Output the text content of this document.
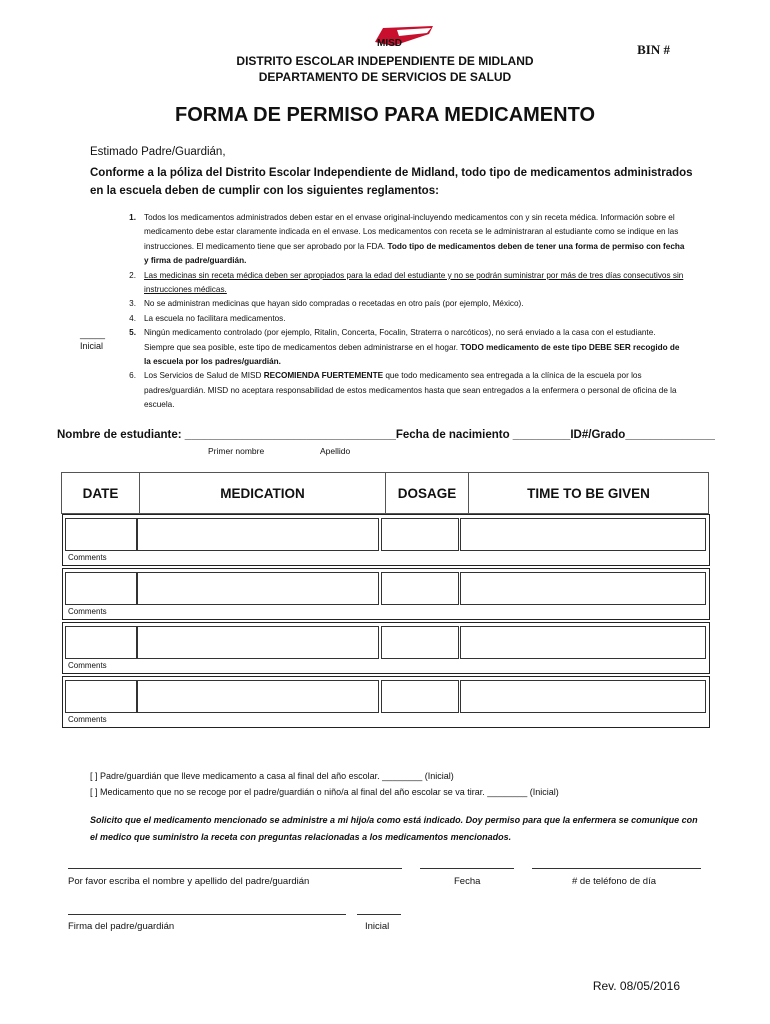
MISD	BIN #
DISTRITO ESCOLAR INDEPENDIENTE DE MIDLAND
DEPARTAMENTO DE SERVICIOS DE SALUD
FORMA DE PERMISO PARA MEDICAMENTO
Estimado Padre/Guardián,
Conforme a la póliza del Distrito Escolar Independiente de Midland, todo tipo de medicamentos administrados en la escuela deben de cumplir con los siguientes reglamentos:
1. Todos los medicamentos administrados deben estar en el envase original-incluyendo medicamentos con y sin receta médica. Información sobre el medicamento debe estar claramente indicada en el envase. Los medicamentos con receta se le administraran al estudiante como se indique en las instrucciones. El medicamento tiene que ser aprobado por la FDA. Todo tipo de medicamentos deben de tener una forma de permiso con fecha y firma de padre/guardián.
2. Las medicinas sin receta médica deben ser apropiados para la edad del estudiante y no se podrán suministrar por más de tres días consecutivos sin instrucciones médicas.
3. No se administran medicinas que hayan sido compradas o recetadas en otro país (por ejemplo, México).
4. La escuela no facilitara medicamentos.
5. Ningún medicamento controlado (por ejemplo, Ritalin, Concerta, Focalin, Straterra o narcóticos), no será enviado a la casa con el estudiante. Siempre que sea posible, este tipo de medicamentos deben administrarse en el hogar. TODO medicamento de este tipo DEBE SER recogido de la escuela por los padres/guardián.
6. Los Servicios de Salud de MISD RECOMIENDA FUERTEMENTE que todo medicamento sea entregada a la clínica de la escuela por los padres/guardián. MISD no aceptara responsabilidad de estos medicamentos hasta que sean entregados a la enfermera o personal de oficina de la escuela.
_____
Inicial
Nombre de estudiante: _________________________________Fecha de nacimiento _________ID#/Grado______________
Primer nombre	Apellido
DATE	MEDICATION	DOSAGE	TIME TO BE GIVEN
Comments
Comments
Comments
Comments
[ ] Padre/guardián que lleve medicamento a casa al final del año escolar. ________ (Inicial)
[ ] Medicamento que no se recoge por el padre/guardián o niño/a al final del año escolar se va tirar. ________ (Inicial)
Solicito que el medicamento mencionado se administre a mi hijo/a como está indicado. Doy permiso para que la enfermera se comunique con el medico que suministro la receta con preguntas relacionadas a los medicamentos mencionados.
Por favor escriba el nombre y apellido del padre/guardián	Fecha	# de teléfono de día
Firma del padre/guardián	Inicial
Rev. 08/05/2016
